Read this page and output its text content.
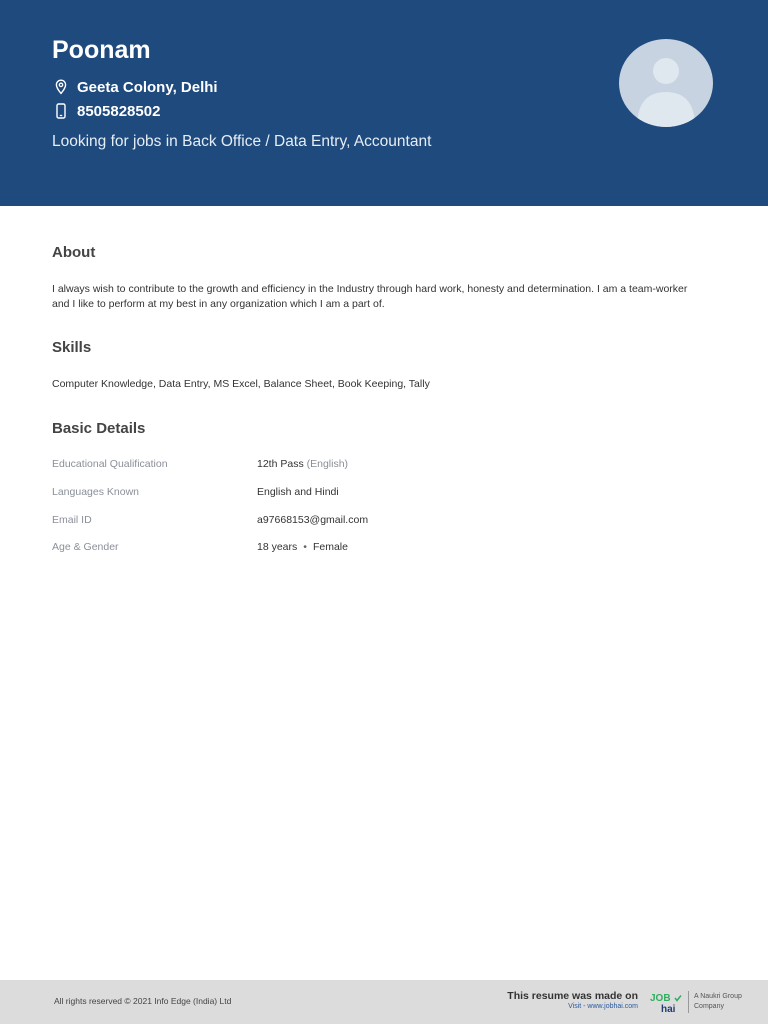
Poonam
Geeta Colony, Delhi
8505828502
Looking for jobs in Back Office / Data Entry, Accountant
About

I always wish to contribute to the growth and efficiency in the Industry through hard work, honesty and determination. I am a team-worker and I like to perform at my best in any organization which I am a part of.

Skills

Computer Knowledge, Data Entry, MS Excel, Balance Sheet, Book Keeping, Tally

Basic Details
Educational Qualification	12th Pass (English)
Languages Known	English and Hindi
Email ID	a97668153@gmail.com
Age & Gender	18 years • Female
All rights reserved © 2021 Info Edge (India) Ltd	This resume was made on
Visit - www.jobhai.com
JOB
hai
A Naukri Group Company
